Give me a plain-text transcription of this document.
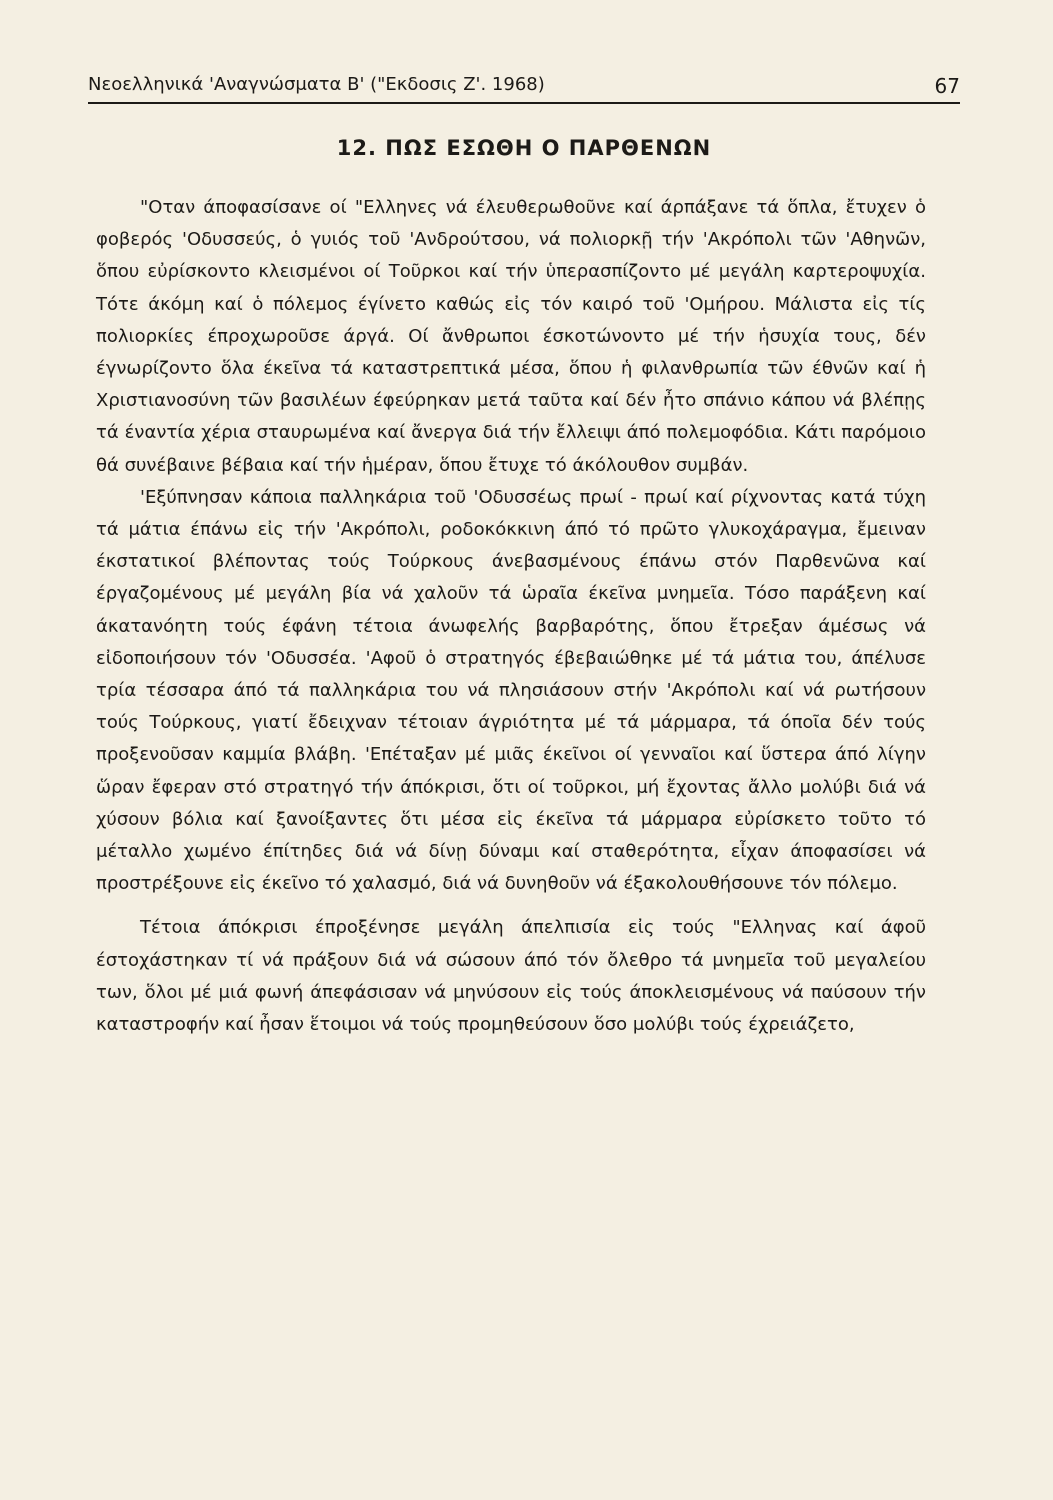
Νεοελληνικά 'Αναγνώσματα Β' ("Εκδοσις Ζ'. 1968)	67
12. ΠΩΣ ΕΣΩΘΗ Ο ΠΑΡΘΕΝΩΝ

"Οταν άποφασίσανε οί "Ελληνες νά έλευθερωθοῦνε καί άρπάξανε τά ὅπλα, ἔτυχεν ὁ φοβερός 'Οδυσσεύς, ὁ γυιός τοῦ 'Ανδρούτσου, νά πολιορκῇ τήν 'Ακρόπολι τῶν 'Αθηνῶν, ὅπου εὐρίσκοντο κλεισμένοι οί Τοῦρκοι καί τήν ὑπερασπίζοντο μέ μεγάλη καρτεροψυχία. Τότε άκόμη καί ὁ πόλεμος έγίνετο καθώς εἰς τόν καιρό τοῦ 'Ομήρου. Μάλιστα εἰς τίς πολιορκίες έπροχωροῦσε άργά. Οί ἄνθρωποι έσκοτώνοντο μέ τήν ἡσυχία τους, δέν έγνωρίζοντο ὅλα έκεῖνα τά καταστρεπτικά μέσα, ὅπου ἡ φιλανθρωπία τῶν έθνῶν καί ἡ Χριστιανοσύνη τῶν βασιλέων έφεύρηκαν μετά ταῦτα καί δέν ἦτο σπάνιο κάπου νά βλέπῃς τά έναντία χέρια σταυρωμένα καί ἄνεργα διά τήν ἔλλειψι άπό πολεμοφόδια. Κάτι παρόμοιο θά συνέβαινε βέβαια καί τήν ἡμέραν, ὅπου ἔτυχε τό άκόλουθον συμβάν.

'Εξύπνησαν κάποια παλληκάρια τοῦ 'Οδυσσέως πρωί - πρωί καί ρίχνοντας κατά τύχη τά μάτια έπάνω εἰς τήν 'Ακρόπολι, ροδοκόκκινη άπό τό πρῶτο γλυκοχάραγμα, ἔμειναν έκστατικοί βλέποντας τούς Τούρκους άνεβασμένους έπάνω στόν Παρθενῶνα καί έργαζομένους μέ μεγάλη βία νά χαλοῦν τά ὡραῖα έκεῖνα μνημεῖα. Τόσο παράξενη καί άκατανόητη τούς έφάνη τέτοια άνωφελής βαρβαρότης, ὅπου ἔτρεξαν άμέσως νά εἰδοποιήσουν τόν 'Οδυσσέα. 'Αφοῦ ὁ στρατηγός έβεβαιώθηκε μέ τά μάτια του, άπέλυσε τρία τέσσαρα άπό τά παλληκάρια του νά πλησιάσουν στήν 'Ακρόπολι καί νά ρωτήσουν τούς Τούρκους, γιατί ἔδειχναν τέτοιαν άγριότητα μέ τά μάρμαρα, τά όποῖα δέν τούς προξενοῦσαν καμμία βλάβη. 'Επέταξαν μέ μιᾶς έκεῖνοι οί γενναῖοι καί ὕστερα άπό λίγην ὥραν ἔφεραν στό στρατηγό τήν άπόκρισι, ὅτι οί τοῦρκοι, μή ἔχοντας ἄλλο μολύβι διά νά χύσουν βόλια καί ξανοίξαντες ὅτι μέσα εἰς έκεῖνα τά μάρμαρα εὐρίσκετο τοῦτο τό μέταλλο χωμένο έπίτηδες διά νά δίνῃ δύναμι καί σταθερότητα, εἶχαν άποφασίσει νά προστρέξουνε εἰς έκεῖνο τό χαλασμό, διά νά δυνηθοῦν νά έξακολουθήσουνε τόν πόλεμο.

Τέτοια άπόκρισι έπροξένησε μεγάλη άπελπισία εἰς τούς "Ελληνας καί άφοῦ έστοχάστηκαν τί νά πράξουν διά νά σώσουν άπό τόν ὄλεθρο τά μνημεῖα τοῦ μεγαλείου των, ὅλοι μέ μιά φωνή άπεφάσισαν νά μηνύσουν εἰς τούς άποκλεισμένους νά παύσουν τήν καταστροφήν καί ἦσαν ἕτοιμοι νά τούς προμηθεύσουν ὅσο μολύβι τούς έχρειάζετο,
